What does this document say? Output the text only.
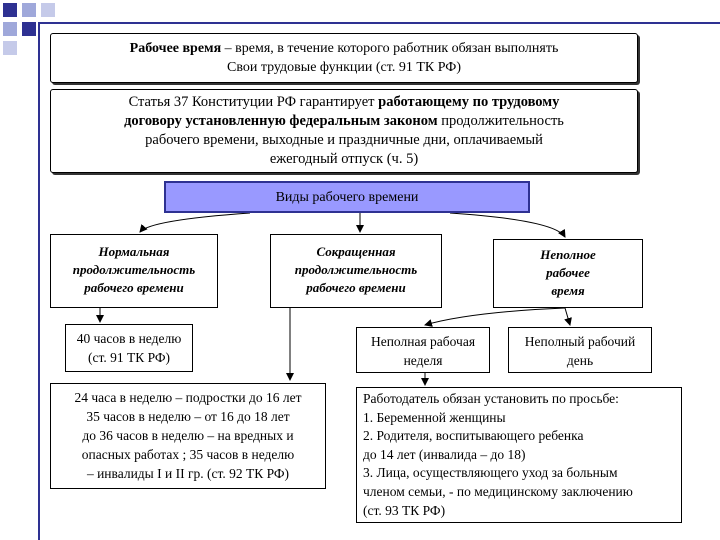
Рабочее время – время, в течение которого работник обязан выполнять
Свои трудовые функции (ст. 91 ТК РФ)
Статья 37 Конституции РФ гарантирует работающему по трудовому
договору установленную федеральным законом продолжительность
рабочего времени, выходные и праздничные дни, оплачиваемый
ежегодный отпуск (ч. 5)
Виды рабочего времени
Нормальная
продолжительность
рабочего времени
Сокращенная
продолжительность
рабочего времени
Неполное
рабочее
время
40 часов в неделю
(ст. 91 ТК РФ)
Неполная рабочая
неделя
Неполный рабочий
день
24 часа в неделю – подростки до 16 лет
35 часов в неделю – от 16 до 18 лет
до 36 часов в неделю – на вредных и
опасных работах ; 35 часов в неделю
– инвалиды I и II гр. (ст. 92 ТК РФ)
Работодатель обязан установить по просьбе:
1. Беременной женщины
2. Родителя, воспитывающего ребенка
до 14 лет (инвалида – до 18)
3. Лица, осуществляющего уход за больным
членом семьи, - по медицинскому заключению
(ст. 93 ТК РФ)
